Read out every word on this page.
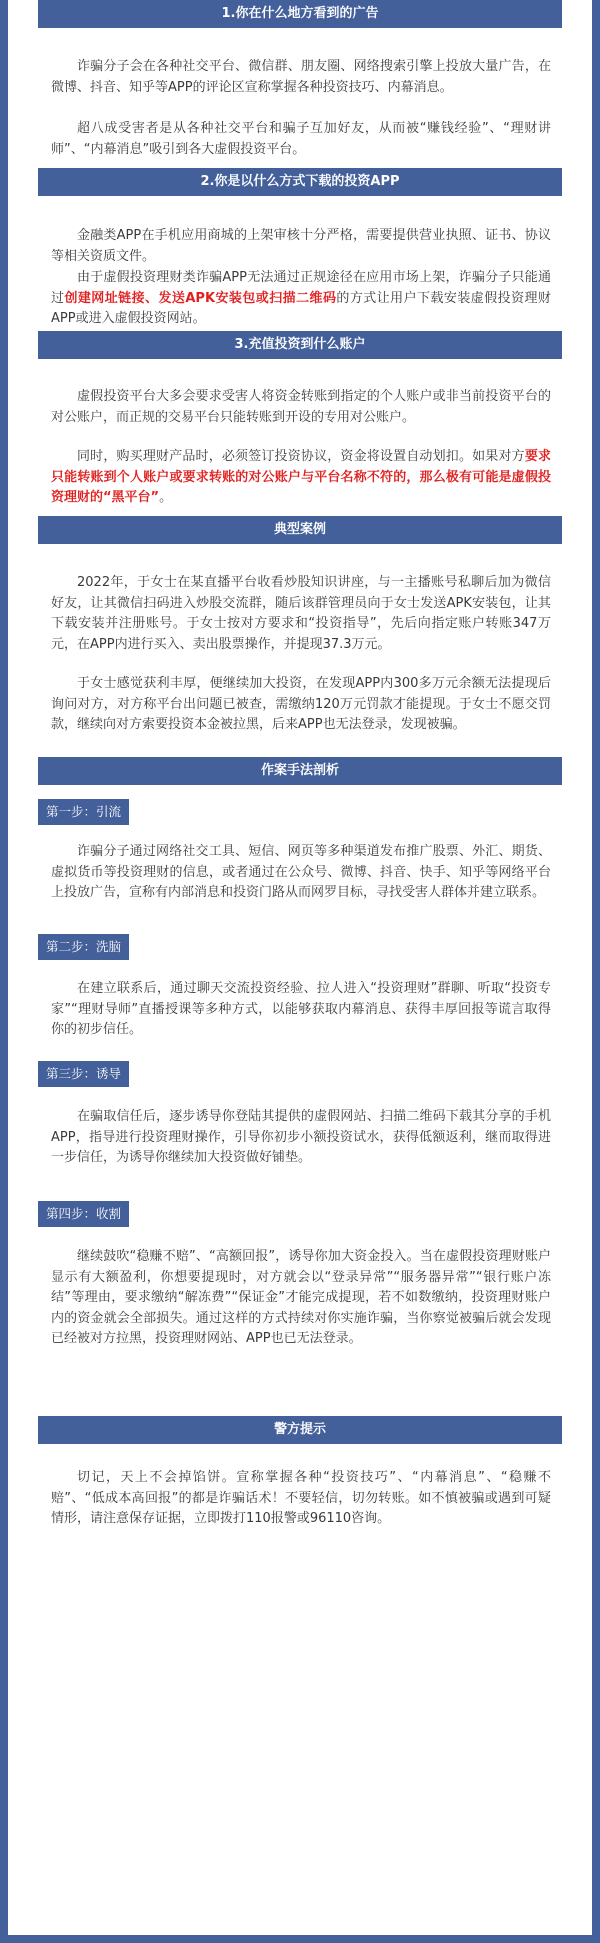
1.你在什么地方看到的广告

诈骗分子会在各种社交平台、微信群、朋友圈、网络搜索引擎上投放大量广告，在微博、抖音、知乎等APP的评论区宣称掌握各种投资技巧、内幕消息。

超八成受害者是从各种社交平台和骗子互加好友，从而被“赚钱经验”、“理财讲师”、“内幕消息”吸引到各大虚假投资平台。

2.你是以什么方式下载的投资APP

金融类APP在手机应用商城的上架审核十分严格，需要提供营业执照、证书、协议等相关资质文件。

由于虚假投资理财类诈骗APP无法通过正规途径在应用市场上架，诈骗分子只能通过创建网址链接、发送APK安装包或扫描二维码的方式让用户下载安装虚假投资理财APP或进入虚假投资网站。

3.充值投资到什么账户

虚假投资平台大多会要求受害人将资金转账到指定的个人账户或非当前投资平台的对公账户，而正规的交易平台只能转账到开设的专用对公账户。

同时，购买理财产品时，必须签订投资协议，资金将设置自动划扣。如果对方要求只能转账到个人账户或要求转账的对公账户与平台名称不符的，那么极有可能是虚假投资理财的“黑平台”。

典型案例

2022年，于女士在某直播平台收看炒股知识讲座，与一主播账号私聊后加为微信好友，让其微信扫码进入炒股交流群，随后该群管理员向于女士发送APK安装包，让其下载安装并注册账号。于女士按对方要求和“投资指导”，先后向指定账户转账347万元，在APP内进行买入、卖出股票操作，并提现37.3万元。

于女士感觉获利丰厚，便继续加大投资，在发现APP内300多万元余额无法提现后询问对方，对方称平台出问题已被查，需缴纳120万元罚款才能提现。于女士不愿交罚款，继续向对方索要投资本金被拉黑，后来APP也无法登录，发现被骗。

作案手法剖析
第一步：引流

诈骗分子通过网络社交工具、短信、网页等多种渠道发布推广股票、外汇、期货、虚拟货币等投资理财的信息，或者通过在公众号、微博、抖音、快手、知乎等网络平台上投放广告，宣称有内部消息和投资门路从而网罗目标，寻找受害人群体并建立联系。

第二步：洗脑

在建立联系后，通过聊天交流投资经验、拉人进入“投资理财”群聊、听取“投资专家”“理财导师”直播授课等多种方式，以能够获取内幕消息、获得丰厚回报等谎言取得你的初步信任。

第三步：诱导

在骗取信任后，逐步诱导你登陆其提供的虚假网站、扫描二维码下载其分享的手机APP，指导进行投资理财操作，引导你初步小额投资试水，获得低额返利，继而取得进一步信任，为诱导你继续加大投资做好铺垫。

第四步：收割

继续鼓吹“稳赚不赔”、“高额回报”，诱导你加大资金投入。当在虚假投资理财账户显示有大额盈利，你想要提现时，对方就会以“登录异常”“服务器异常”“银行账户冻结”等理由，要求缴纳“解冻费”“保证金”才能完成提现，若不如数缴纳，投资理财账户内的资金就会全部损失。通过这样的方式持续对你实施诈骗，当你察觉被骗后就会发现已经被对方拉黑，投资理财网站、APP也已无法登录。

警方提示

切记，天上不会掉馅饼。宣称掌握各种“投资技巧”、“内幕消息”、“稳赚不赔”、“低成本高回报”的都是诈骗话术！不要轻信，切勿转账。如不慎被骗或遇到可疑情形，请注意保存证据，立即拨打110报警或96110咨询。
